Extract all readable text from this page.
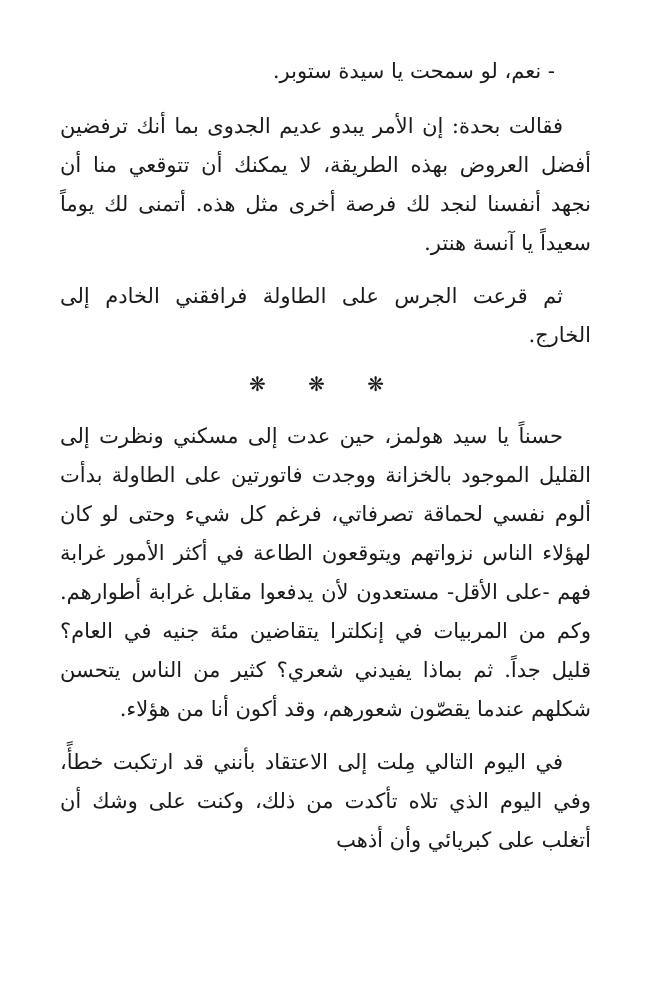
- نعم، لو سمحت يا سيدة ستوبر.

فقالت بحدة: إن الأمر يبدو عديم الجدوى بما أنك ترفضين أفضل العروض بهذه الطريقة، لا يمكنك أن تتوقعي منا أن نجهد أنفسنا لنجد لك فرصة أخرى مثل هذه. أتمنى لك يوماً سعيداً يا آنسة هنتر.

ثم قرعت الجرس على الطاولة فرافقني الخادم إلى الخارج.

❋ ❋ ❋

حسناً يا سيد هولمز، حين عدت إلى مسكني ونظرت إلى القليل الموجود بالخزانة ووجدت فاتورتين على الطاولة بدأت ألوم نفسي لحماقة تصرفاتي، فرغم كل شيء وحتى لو كان لهؤلاء الناس نزواتهم ويتوقعون الطاعة في أكثر الأمور غرابة فهم -على الأقل- مستعدون لأن يدفعوا مقابل غرابة أطوارهم. وكم من المربيات في إنكلترا يتقاضين مئة جنيه في العام؟ قليل جداً. ثم بماذا يفيدني شعري؟ كثير من الناس يتحسن شكلهم عندما يقصّون شعورهم، وقد أكون أنا من هؤلاء.

في اليوم التالي مِلت إلى الاعتقاد بأنني قد ارتكبت خطأً، وفي اليوم الذي تلاه تأكدت من ذلك، وكنت على وشك أن أتغلب على كبريائي وأن أذهب
